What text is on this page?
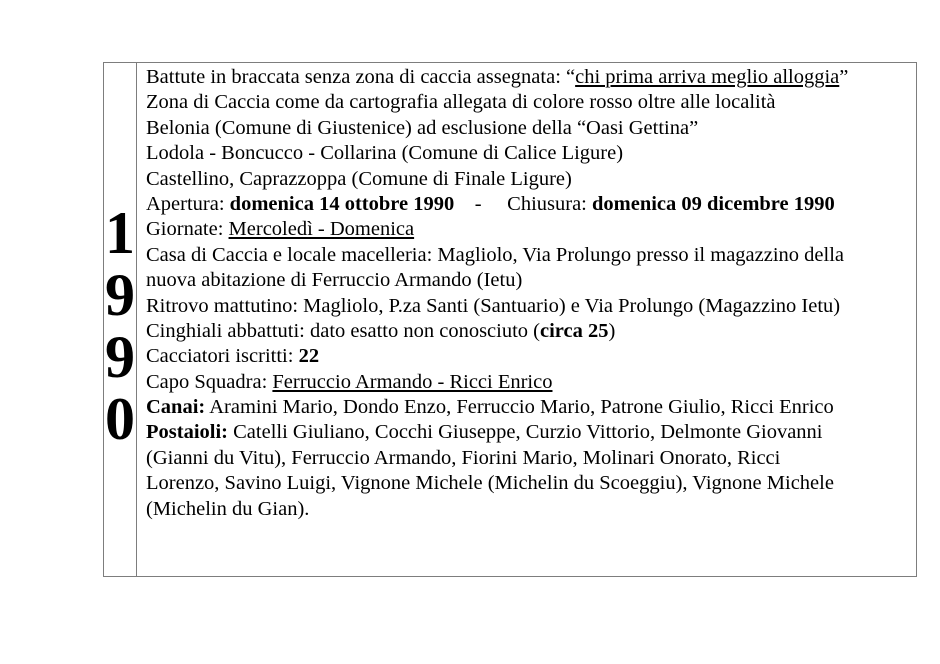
1
9
9
0
Battute in braccata senza zona di caccia assegnata: “chi prima arriva meglio alloggia”
Zona di Caccia come da cartografia allegata di colore rosso oltre alle località
Belonia (Comune di Giustenice) ad esclusione della “Oasi Gettina”
Lodola - Boncucco - Collarina (Comune di Calice Ligure)
Castellino, Caprazzoppa (Comune di Finale Ligure)
Apertura: domenica 14 ottobre 1990    -     Chiusura: domenica 09 dicembre 1990
Giornate: Mercoledì - Domenica
Casa di Caccia e locale macelleria: Magliolo, Via Prolungo presso il magazzino della
nuova abitazione di Ferruccio Armando (Ietu)
Ritrovo mattutino: Magliolo, P.za Santi (Santuario) e Via Prolungo (Magazzino Ietu)
Cinghiali abbattuti: dato esatto non conosciuto (circa 25)
Cacciatori iscritti: 22
Capo Squadra: Ferruccio Armando - Ricci Enrico
Canai: Aramini Mario, Dondo Enzo, Ferruccio Mario, Patrone Giulio, Ricci Enrico
Postaioli: Catelli Giuliano, Cocchi Giuseppe, Curzio Vittorio, Delmonte Giovanni
(Gianni du Vitu), Ferruccio Armando, Fiorini Mario, Molinari Onorato, Ricci
Lorenzo, Savino Luigi, Vignone Michele (Michelin du Scoeggiu), Vignone Michele
(Michelin du Gian).
